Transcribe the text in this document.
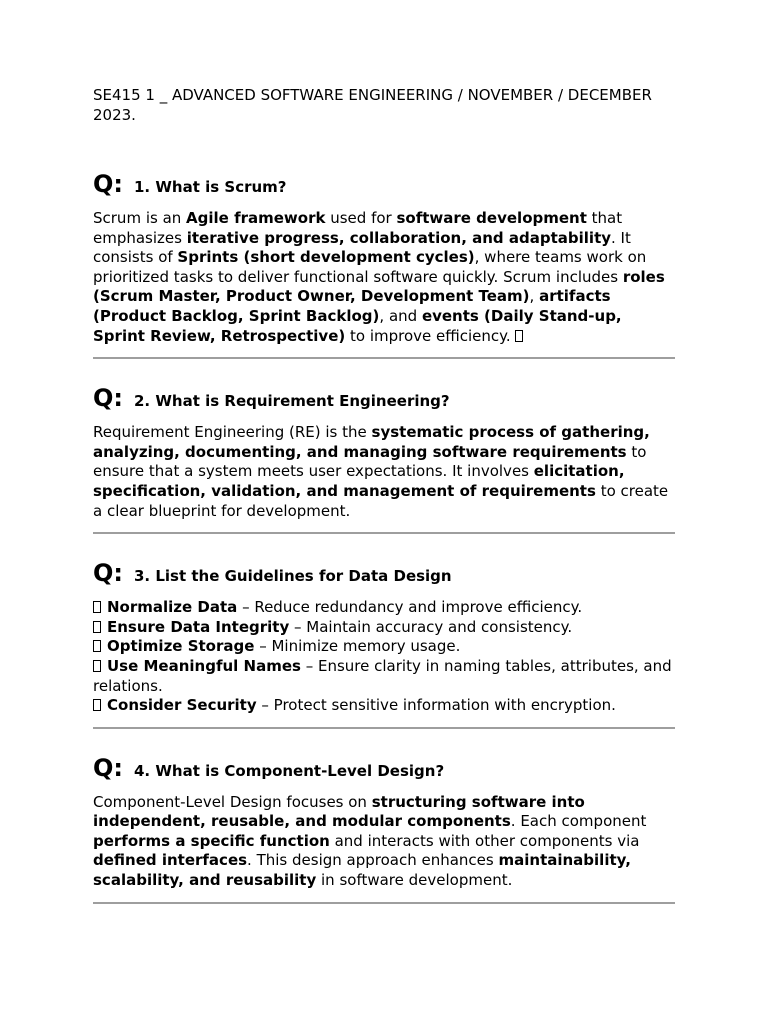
SE415 1 _ ADVANCED SOFTWARE ENGINEERING / NOVEMBER / DECEMBER
2023.

Q: 1. What is Scrum?

Scrum is an Agile framework used for software development that emphasizes iterative progress, collaboration, and adaptability. It consists of Sprints (short development cycles), where teams work on prioritized tasks to deliver functional software quickly. Scrum includes roles (Scrum Master, Product Owner, Development Team), artifacts (Product Backlog, Sprint Backlog), and events (Daily Stand-up, Sprint Review, Retrospective) to improve efficiency.

Q: 2. What is Requirement Engineering?

Requirement Engineering (RE) is the systematic process of gathering, analyzing, documenting, and managing software requirements to ensure that a system meets user expectations. It involves elicitation, specification, validation, and management of requirements to create a clear blueprint for development.

Q: 3. List the Guidelines for Data Design
Normalize Data – Reduce redundancy and improve efficiency.
Ensure Data Integrity – Maintain accuracy and consistency.
Optimize Storage – Minimize memory usage.
Use Meaningful Names – Ensure clarity in naming tables, attributes, and relations.
Consider Security – Protect sensitive information with encryption.
Q: 4. What is Component-Level Design?

Component-Level Design focuses on structuring software into independent, reusable, and modular components. Each component performs a specific function and interacts with other components via defined interfaces. This design approach enhances maintainability, scalability, and reusability in software development.
